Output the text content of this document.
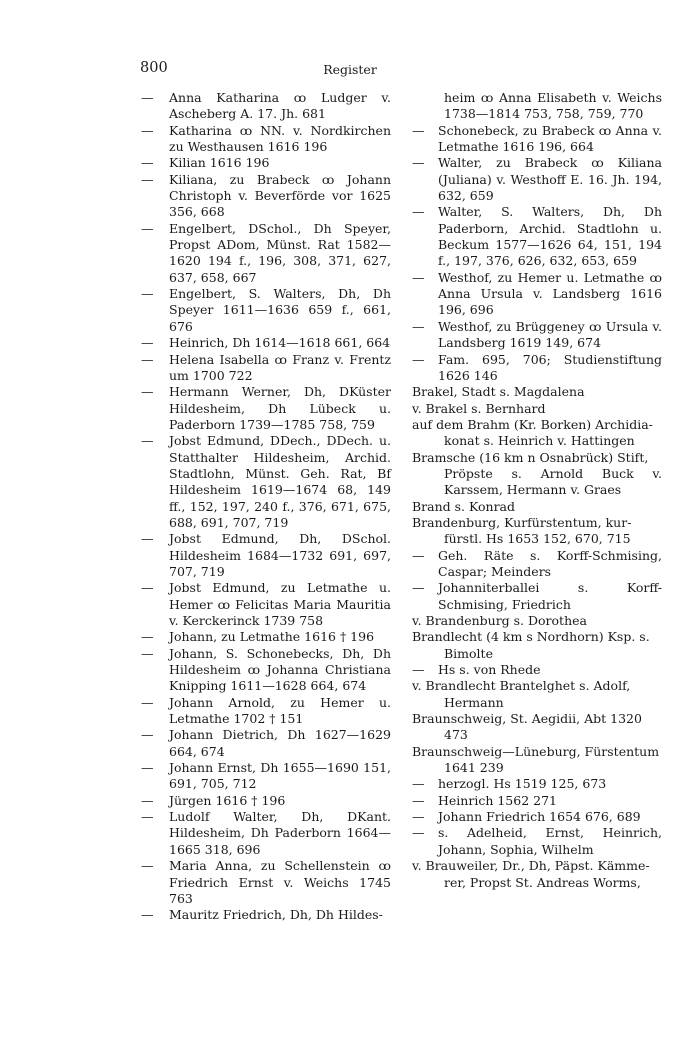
800	Register
— Anna Katharina ꝏ Ludger v. Ascheberg A. 17. Jh. 681
— Katharina ꝏ NN. v. Nordkirchen zu Westhausen 1616 196
— Kilian 1616 196
— Kiliana, zu Brabeck ꝏ Johann Christoph v. Beverförde vor 1625 356, 668
— Engelbert, DSchol., Dh Speyer, Propst ADom, Münst. Rat 1582—1620 194 f., 196, 308, 371, 627, 637, 658, 667
— Engelbert, S. Walters, Dh, Dh Speyer 1611—1636 659 f., 661, 676
— Heinrich, Dh 1614—1618 661, 664
— Helena Isabella ꝏ Franz v. Frentz um 1700 722
— Hermann Werner, Dh, DKüster Hildesheim, Dh Lübeck u. Paderborn 1739—1785 758, 759
— Jobst Edmund, DDech., DDech. u. Statthalter Hildesheim, Archid. Stadtlohn, Münst. Geh. Rat, Bf Hildesheim 1619—1674 68, 149 ff., 152, 197, 240 f., 376, 671, 675, 688, 691, 707, 719
— Jobst Edmund, Dh, DSchol. Hildesheim 1684—1732 691, 697, 707, 719
— Jobst Edmund, zu Letmathe u. Hemer ꝏ Felicitas Maria Mauritia v. Kerckerinck 1739 758
— Johann, zu Letmathe 1616 † 196
— Johann, S. Schonebecks, Dh, Dh Hildesheim ꝏ Johanna Christiana Knipping 1611—1628 664, 674
— Johann Arnold, zu Hemer u. Letmathe 1702 † 151
— Johann Dietrich, Dh 1627—1629 664, 674
— Johann Ernst, Dh 1655—1690 151, 691, 705, 712
— Jürgen 1616 † 196
— Ludolf Walter, Dh, DKant. Hildesheim, Dh Paderborn 1664—1665 318, 696
— Maria Anna, zu Schellenstein ꝏ Friedrich Ernst v. Weichs 1745 763
— Mauritz Friedrich, Dh, Dh Hildes-
heim ꝏ Anna Elisabeth v. Weichs 1738—1814 753, 758, 759, 770
— Schonebeck, zu Brabeck ꝏ Anna v. Letmathe 1616 196, 664
— Walter, zu Brabeck ꝏ Kiliana (Juliana) v. Westhoff E. 16. Jh. 194, 632, 659
— Walter, S. Walters, Dh, Dh Paderborn, Archid. Stadtlohn u. Beckum 1577—1626 64, 151, 194 f., 197, 376, 626, 632, 653, 659
— Westhof, zu Hemer u. Letmathe ꝏ Anna Ursula v. Landsberg 1616 196, 696
— Westhof, zu Brüggeney ꝏ Ursula v. Landsberg 1619 149, 674
— Fam. 695, 706; Studienstiftung 1626 146
Brakel, Stadt s. Magdalena
v. Brakel s. Bernhard
auf dem Brahm (Kr. Borken) Archidia-
konat s. Heinrich v. Hattingen
Bramsche (16 km n Osnabrück) Stift,
Pröpste s. Arnold Buck v. Karssem, Hermann v. Graes
Brand s. Konrad
Brandenburg, Kurfürstentum, kur-
fürstl. Hs 1653 152, 670, 715
— Geh. Räte s. Korff-Schmising, Caspar; Meinders
— Johanniterballei s. Korff-Schmising, Friedrich
v. Brandenburg s. Dorothea
Brandlecht (4 km s Nordhorn) Ksp. s.
Bimolte
— Hs s. von Rhede
v. Brandlecht Brantelghet s. Adolf,
Hermann
Braunschweig, St. Aegidii, Abt 1320
473
Braunschweig—Lüneburg, Fürstentum
1641 239
— herzogl. Hs 1519 125, 673
— Heinrich 1562 271
— Johann Friedrich 1654 676, 689
— s. Adelheid, Ernst, Heinrich, Johann, Sophia, Wilhelm
v. Brauweiler, Dr., Dh, Päpst. Kämme-
rer, Propst St. Andreas Worms,
